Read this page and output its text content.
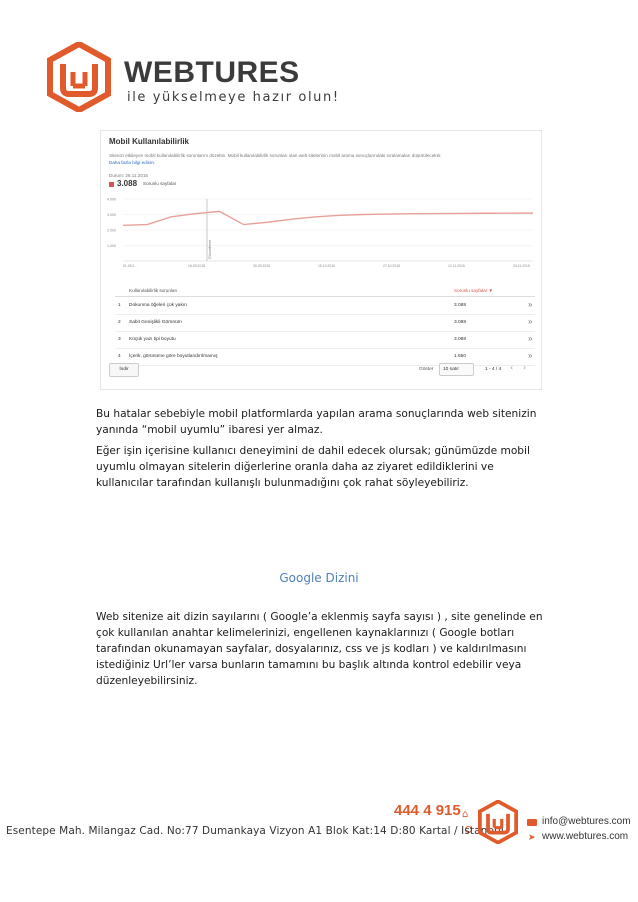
WEBTURES
ile yükselmeye hazır olun!
Mobil Kullanılabilirlik
Sitenizi etkileyen mobil kullanılabilirlik sorunlarını düzeltin. Mobil kullanılabilirlik sorunları olan web sitelerinin mobil arama sonuçlarındaki sıralamaları düşürülecektir.
Daha fazla bilgi edinin.
Durum: 26.11.2015
3.088 Sorunlu sayfalar
4.000
3.000
2.000
1.000
01.09.2...	16.09.2015	30.09.2015	15.10.2015	27.10.2015	12.11.2015	24.11.2015
Güncelleme
Kullanılabilirlik sorunları	Sorunlu sayfalar ▼
1 Dokunma öğeleri çok yakın	3.088	»
2 Sabit Genişlikli Görünüm	3.088	»
3 Küçük yazı tipi boyutu	3.088	»
4 İçerik, görünüme göre boyutlandırılmamış	1.650	»
İndir	Göster	10 satır	1 - 4 / 4 ‹ ›
Bu hatalar sebebiyle mobil platformlarda yapılan arama sonuçlarında web sitenizin yanında “mobil uyumlu” ibaresi yer almaz.
Eğer işin içerisine kullanıcı deneyimini de dahil edecek olursak; günümüzde mobil uyumlu olmayan sitelerin diğerlerine oranla daha az ziyaret edildiklerini ve kullanıcılar tarafından kullanışlı bulunmadığını çok rahat söyleyebiliriz.
Google Dizini
Web sitenize ait dizin sayılarını ( Google’a eklenmiş sayfa sayısı ) , site genelinde en çok kullanılan anahtar kelimelerinizi, engellenen kaynaklarınızı ( Google botları tarafından okunamayan sayfalar, dosyalarınız, css ve js kodları ) ve kaldırılmasını istediğiniz Url’ler varsa bunların tamamını bu başlık altında kontrol edebilir veya düzenleyebilirsiniz.
444 4 915 ⌂
Esentepe Mah. Milangaz Cad. No:77 Dumankaya Vizyon A1 Blok Kat:14 D:80 Kartal / Istanbul
info@webtures.com
➤ www.webtures.com
